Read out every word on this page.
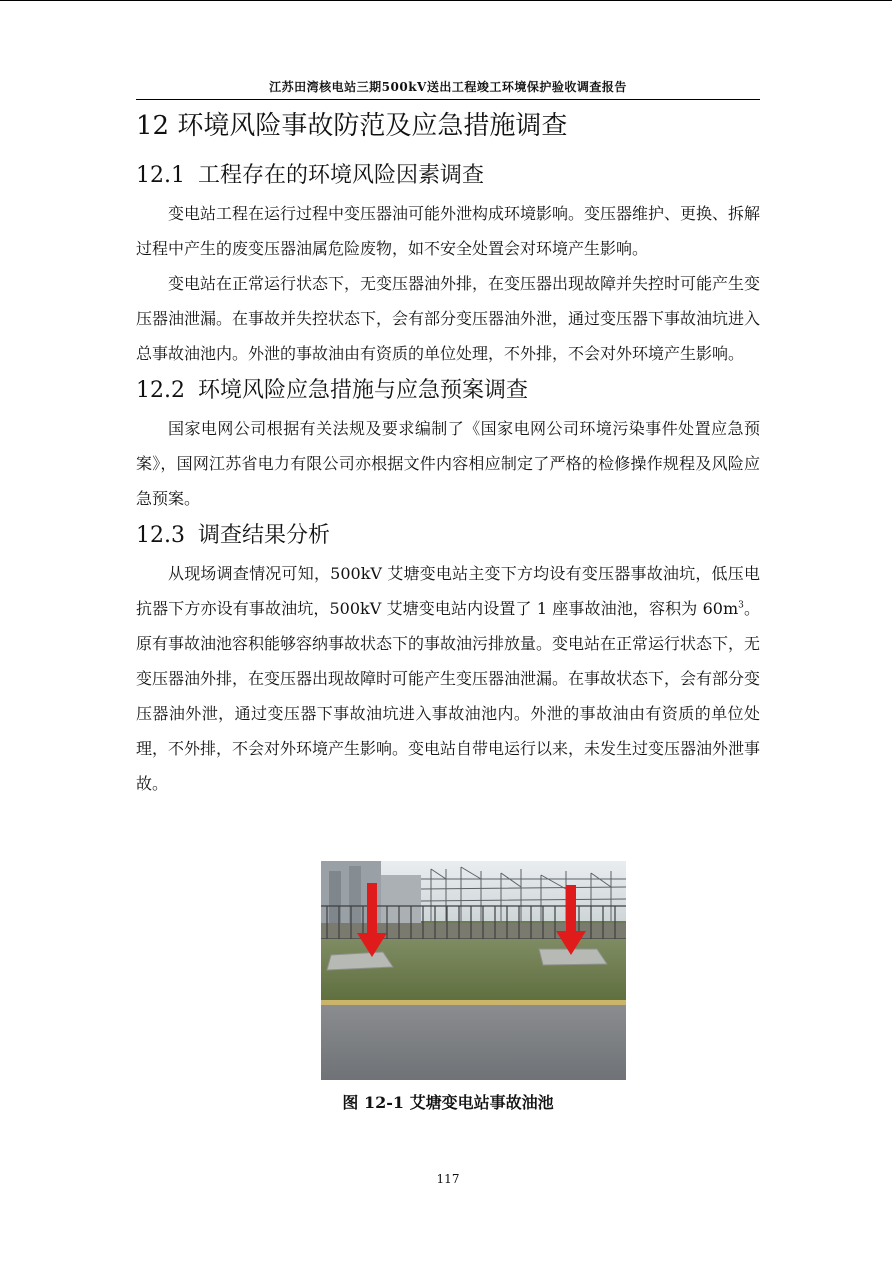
江苏田湾核电站三期500kV送出工程竣工环境保护验收调查报告
12 环境风险事故防范及应急措施调查
12.1 工程存在的环境风险因素调查

变电站工程在运行过程中变压器油可能外泄构成环境影响。变压器维护、更换、拆解过程中产生的废变压器油属危险废物，如不安全处置会对环境产生影响。

变电站在正常运行状态下，无变压器油外排，在变压器出现故障并失控时可能产生变压器油泄漏。在事故并失控状态下，会有部分变压器油外泄，通过变压器下事故油坑进入总事故油池内。外泄的事故油由有资质的单位处理，不外排，不会对外环境产生影响。

12.2 环境风险应急措施与应急预案调查

国家电网公司根据有关法规及要求编制了《国家电网公司环境污染事件处置应急预案》，国网江苏省电力有限公司亦根据文件内容相应制定了严格的检修操作规程及风险应急预案。

12.3 调查结果分析

从现场调查情况可知，500kV 艾塘变电站主变下方均设有变压器事故油坑，低压电抗器下方亦设有事故油坑，500kV 艾塘变电站内设置了 1 座事故油池，容积为 $60m^3$。原有事故油池容积能够容纳事故状态下的事故油污排放量。变电站在正常运行状态下，无变压器油外排，在变压器出现故障时可能产生变压器油泄漏。在事故状态下，会有部分变压器油外泄，通过变压器下事故油坑进入事故油池内。外泄的事故油由有资质的单位处理，不外排，不会对外环境产生影响。变电站自带电运行以来，未发生过变压器油外泄事故。

图 12-1 艾塘变电站事故油池
117
